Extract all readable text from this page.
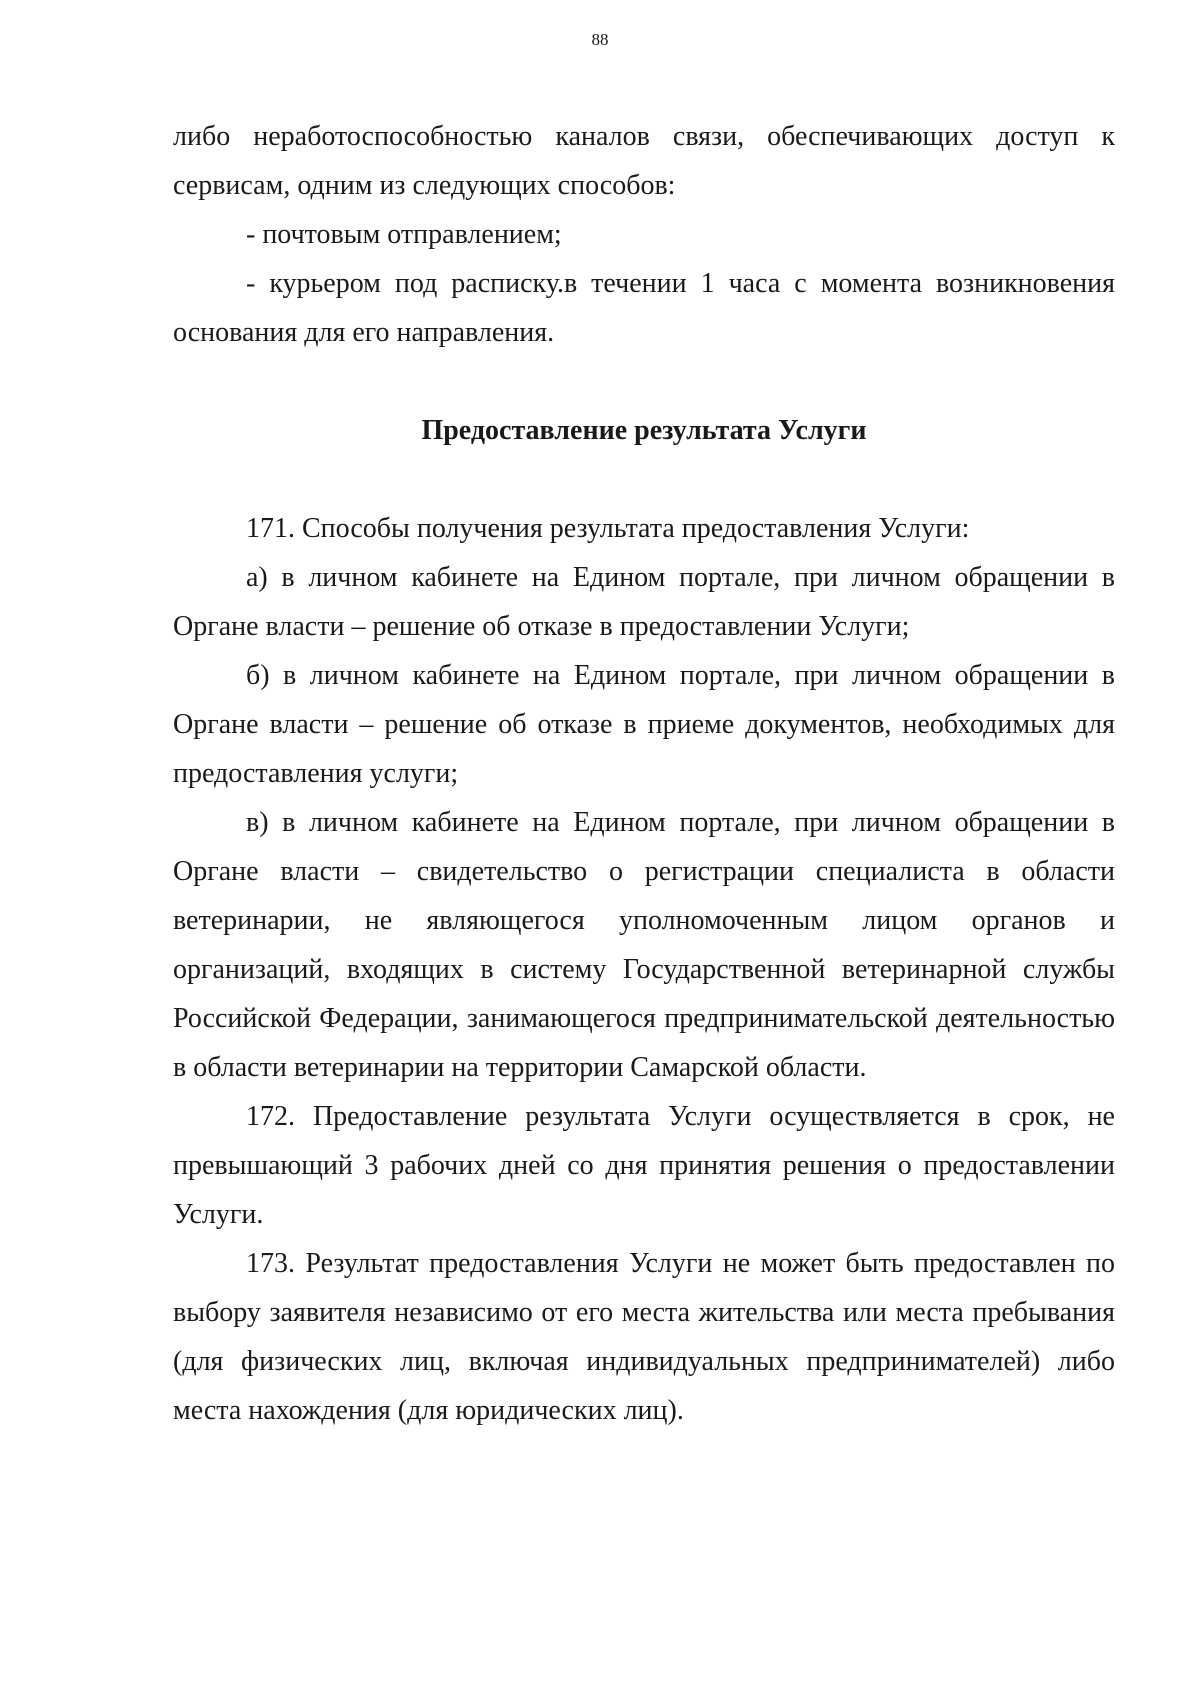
88

либо неработоспособностью каналов связи, обеспечивающих доступ к сервисам, одним из следующих способов:

- почтовым отправлением;

- курьером под расписку.в течении 1 часа с момента возникновения основания для его направления.

Предоставление результата Услуги

171. Способы получения результата предоставления Услуги:

а) в личном кабинете на Едином портале, при личном обращении в Органе власти – решение об отказе в предоставлении Услуги;

б) в личном кабинете на Едином портале, при личном обращении в Органе власти – решение об отказе в приеме документов, необходимых для предоставления услуги;

в) в личном кабинете на Едином портале, при личном обращении в Органе власти – свидетельство о регистрации специалиста в области ветеринарии, не являющегося уполномоченным лицом органов и организаций, входящих в систему Государственной ветеринарной службы Российской Федерации, занимающегося предпринимательской деятельностью в области ветеринарии на территории Самарской области.

172. Предоставление результата Услуги осуществляется в срок, не превышающий 3 рабочих дней со дня принятия решения о предоставлении Услуги.

173. Результат предоставления Услуги не может быть предоставлен по выбору заявителя независимо от его места жительства или места пребывания (для физических лиц, включая индивидуальных предпринимателей) либо места нахождения (для юридических лиц).
